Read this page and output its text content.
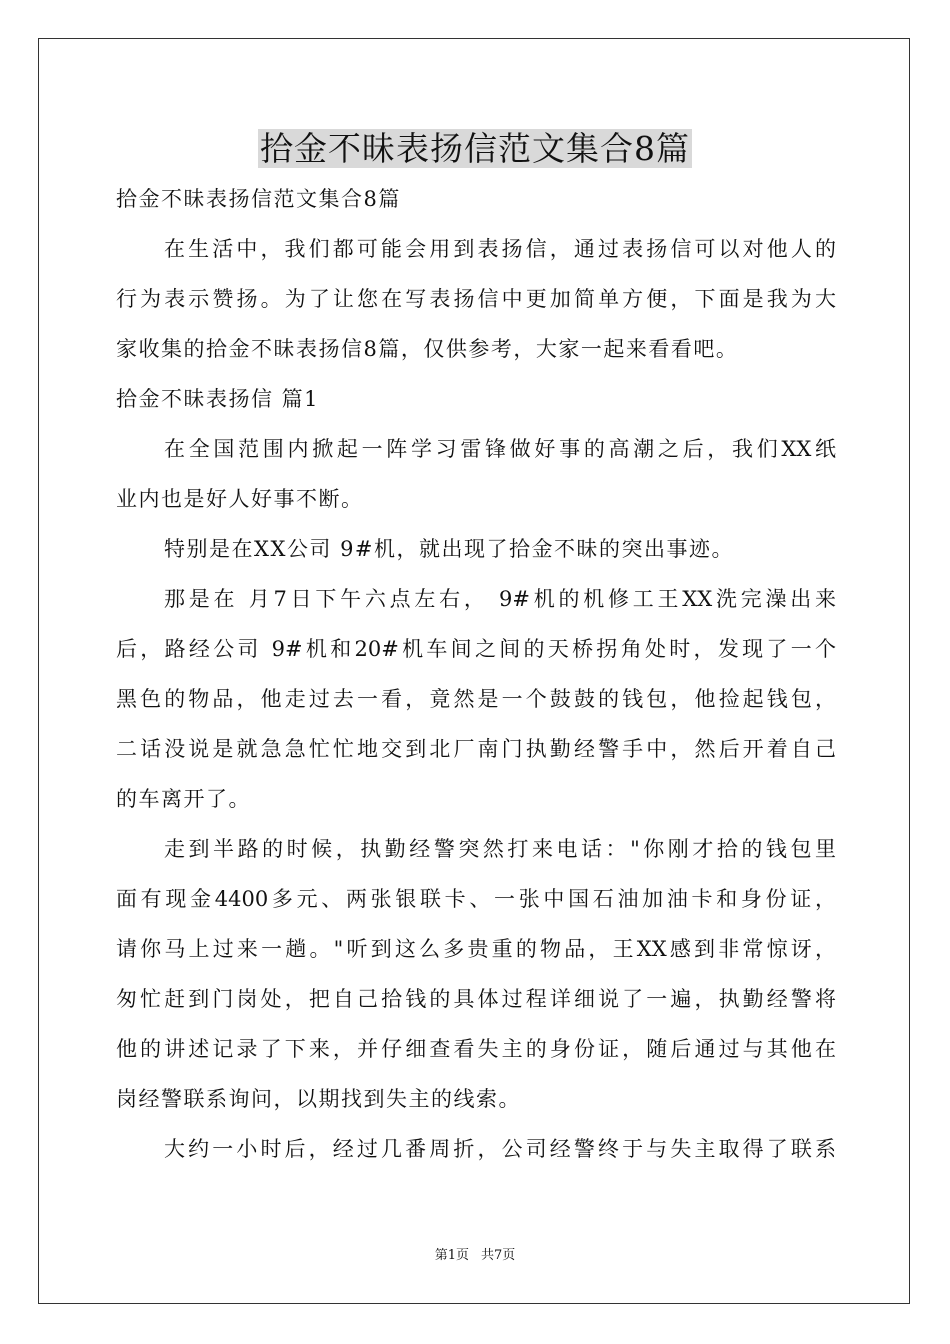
拾金不昧表扬信范文集合8篇
拾金不昧表扬信范文集合8篇
在生活中，我们都可能会用到表扬信，通过表扬信可以对他人的
行为表示赞扬。为了让您在写表扬信中更加简单方便，下面是我为大
家收集的拾金不昧表扬信8篇，仅供参考，大家一起来看看吧。
拾金不昧表扬信 篇1
在全国范围内掀起一阵学习雷锋做好事的高潮之后，我们XX纸
业内也是好人好事不断。
特别是在XX公司 9#机，就出现了拾金不昧的突出事迹。
那是在 月7日下午六点左右， 9#机的机修工王XX洗完澡出来
后，路经公司 9#机和20#机车间之间的天桥拐角处时，发现了一个
黑色的物品，他走过去一看，竟然是一个鼓鼓的钱包，他捡起钱包，
二话没说是就急急忙忙地交到北厂南门执勤经警手中，然后开着自己
的车离开了。
走到半路的时候，执勤经警突然打来电话："你刚才拾的钱包里
面有现金4400多元、两张银联卡、一张中国石油加油卡和身份证，
请你马上过来一趟。"听到这么多贵重的物品，王XX感到非常惊讶，
匆忙赶到门岗处，把自己拾钱的具体过程详细说了一遍，执勤经警将
他的讲述记录了下来，并仔细查看失主的身份证，随后通过与其他在
岗经警联系询问，以期找到失主的线索。
大约一小时后，经过几番周折，公司经警终于与失主取得了联系
第1页 共7页
